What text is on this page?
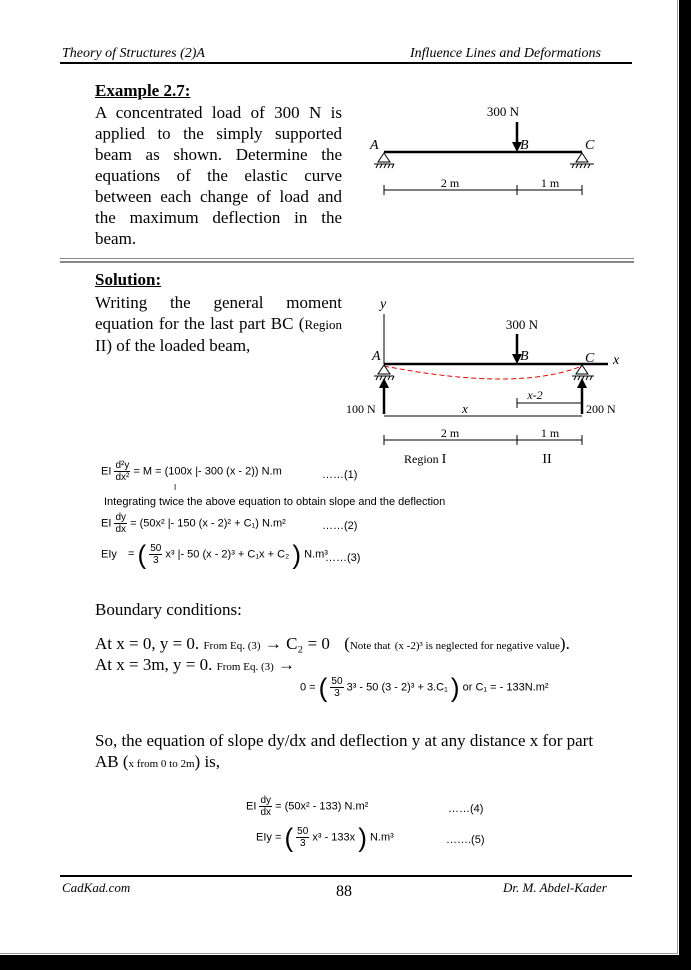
Theory of Structures (2)A	Influence Lines and Deformations
Example 2.7:
A concentrated load of 300 N is applied to the simply supported beam as shown. Determine the equations of the elastic curve between each change of load and the maximum deflection in the beam.
300 N
A	B	C
2 m	1 m
Solution:
Writing the general moment equation for the last part BC (Region II) of the loaded beam,
y
300 N
A	B	C x
100 N	200 N
x-2
x
2 m	1 m
Region I	II
EI $\frac{\text{d²y}}{\text{dx²}} = M = (100x$ |- 300 (x - 2)) N.m	……(1)
I
Integrating twice the above equation to obtain slope and the deflection
EI $\frac{dy}{dx} = (50x^2$ |- 150 (x - 2)² + C₁) N.m²	……(2)
EIy = ( $\frac{50}{3} x^3$ |- 50 (x - 2)³ + C₁x + C₂ ) N.m³
……(3)
Boundary conditions:
At x = 0, y = 0. From Eq. (3) → C₂ = 0 (Note that (x -2)³ is neglected for negative value).
At x = 3m, y = 0. From Eq. (3) →
0 = ( $\frac{50}{3} 3^3 - 50$ (3 - 2)³ + 3.C₁ ) or C₁ = - 133N.m²
So, the equation of slope dy/dx and deflection y at any distance x for part AB (x from 0 to 2m) is,
EI $\frac{dy}{dx} = (50x^2 - 133)$ N.m²	……(4)
EIy = ( $\frac{50}{3} x^3 - 133x$ ) N.m³	…….(5)
CadKad.com	88	Dr. M. Abdel-Kader
